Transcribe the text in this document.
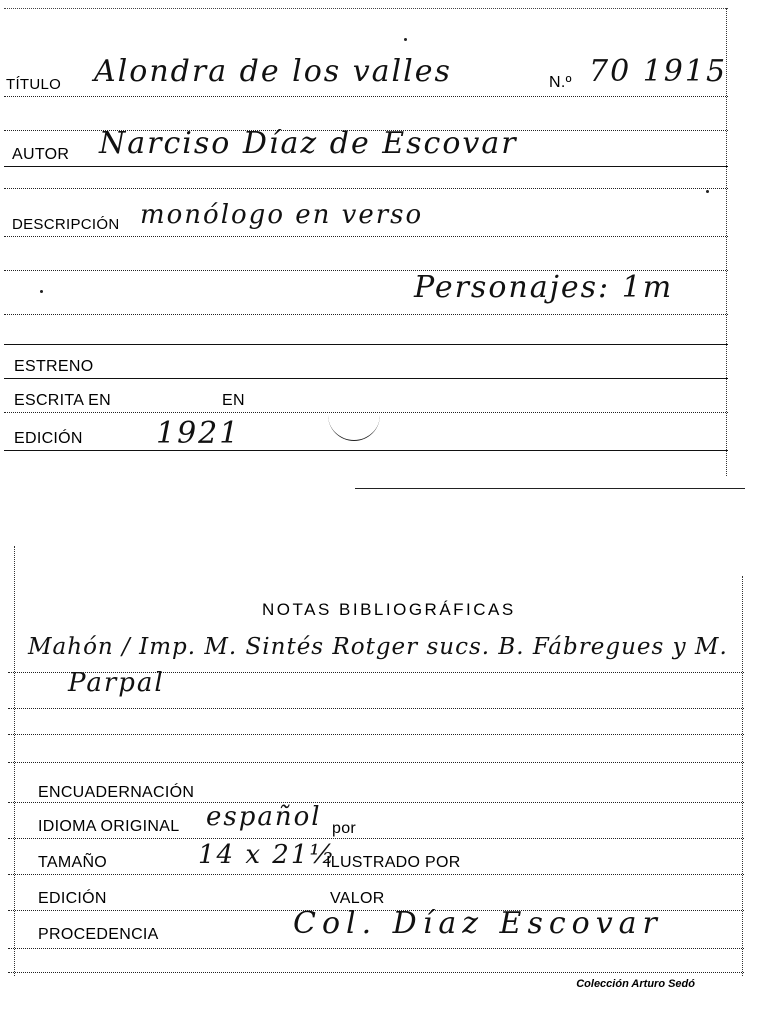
TÍTULO Alondra de los valles	N.º 70 1915
AUTOR Narciso Díaz de Escovar
DESCRIPCIÓN monólogo en verso
Personajes: 1m
ESTRENO
ESCRITA EN	EN
EDICIÓN 1921
Mahón / Imp. M. Sintés Rotger sucs. B. Fábregues y M.
Parpal
ENCUADERNACIÓN
IDIOMA ORIGINAL español por
TAMAÑO	14 x 21½
ILUSTRADO POR
EDICIÓN	VALOR
PROCEDENCIA	Col. Díaz Escovar
NOTAS BIBLIOGRÁFICAS
Colección Arturo Sedó
